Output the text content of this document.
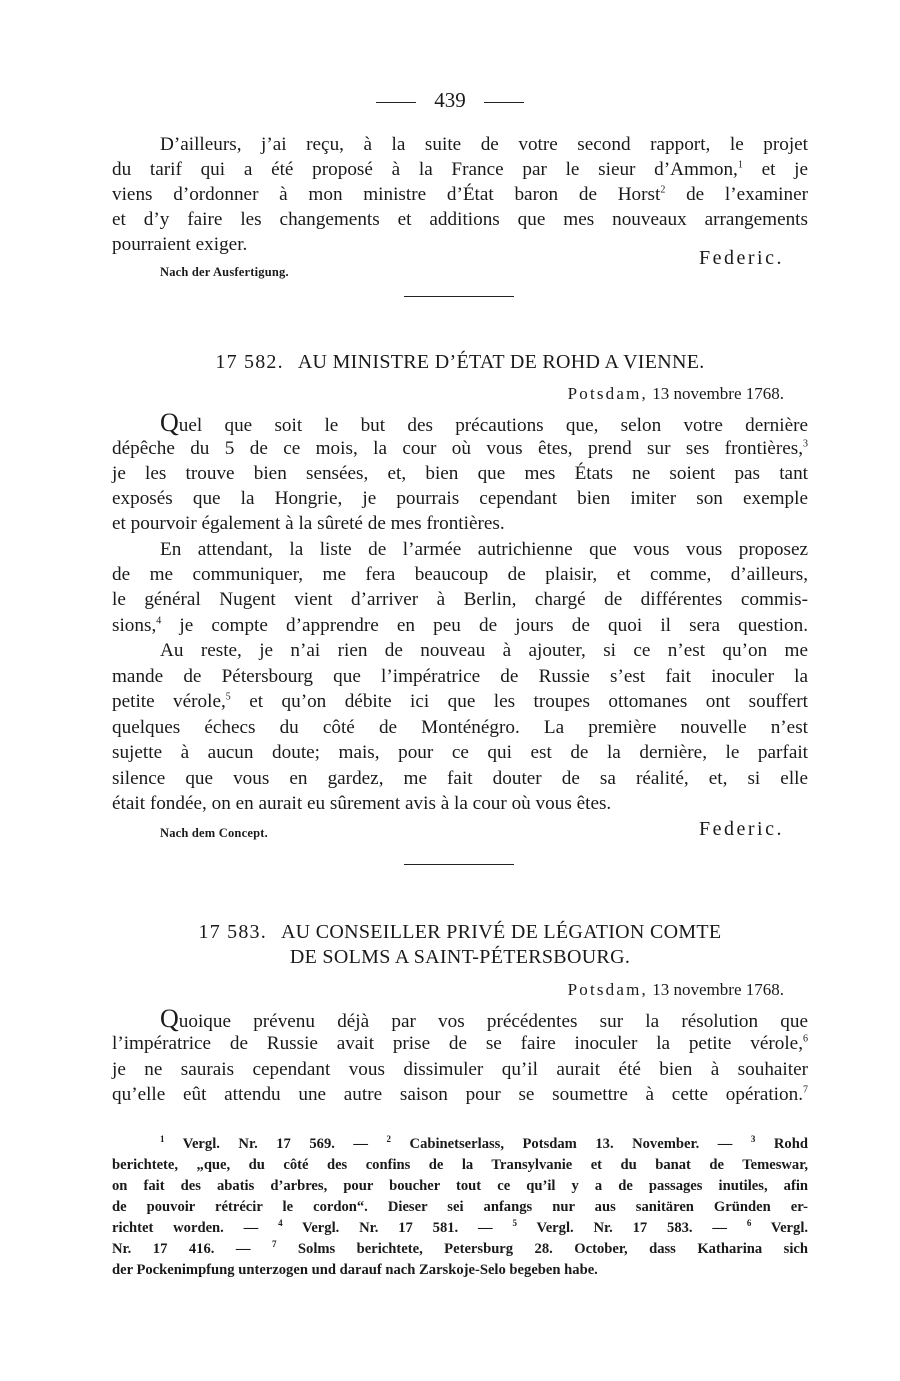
439

D’ailleurs, j’ai reçu, à la suite de votre second rapport, le projet

du tarif qui a été proposé à la France par le sieur d’Ammon,$^1$ et je

viens d’ordonner à mon ministre d’État baron de Horst$^2$ de l’examiner

et d’y faire les changements et additions que mes nouveaux arrangements

pourraient exiger.

Federic.
Nach der Ausfertigung.
17 582. AU MINISTRE D’ÉTAT DE ROHD A VIENNE.
Potsdam, 13 novembre 1768.

Quel que soit le but des précautions que, selon votre dernière

dépêche du 5 de ce mois, la cour où vous êtes, prend sur ses frontières,$^3$

je les trouve bien sensées, et, bien que mes États ne soient pas tant

exposés que la Hongrie, je pourrais cependant bien imiter son exemple

et pourvoir également à la sûreté de mes frontières.

En attendant, la liste de l’armée autrichienne que vous vous proposez

de me communiquer, me fera beaucoup de plaisir, et comme, d’ailleurs,

le général Nugent vient d’arriver à Berlin, chargé de différentes commis-

sions,$^4$ je compte d’apprendre en peu de jours de quoi il sera question.

Au reste, je n’ai rien de nouveau à ajouter, si ce n’est qu’on me

mande de Pétersbourg que l’impératrice de Russie s’est fait inoculer la

petite vérole,$^5$ et qu’on débite ici que les troupes ottomanes ont souffert

quelques échecs du côté de Monténégro. La première nouvelle n’est

sujette à aucun doute; mais, pour ce qui est de la dernière, le parfait

silence que vous en gardez, me fait douter de sa réalité, et, si elle

était fondée, on en aurait eu sûrement avis à la cour où vous êtes.

Nach dem Concept.	Federic.
17 583. AU CONSEILLER PRIVÉ DE LÉGATION COMTE
DE SOLMS A SAINT-PÉTERSBOURG.
Potsdam, 13 novembre 1768.

Quoique prévenu déjà par vos précédentes sur la résolution que

l’impératrice de Russie avait prise de se faire inoculer la petite vérole,$^6$

je ne saurais cependant vous dissimuler qu’il aurait été bien à souhaiter

qu’elle eût attendu une autre saison pour se soumettre à cette opération.$^7$

$^1$ Vergl. Nr. 17 569. — $^2$ Cabinetserlass, Potsdam 13. November. — $^3$ Rohd

berichtete, „que, du côté des confins de la Transylvanie et du banat de Temeswar,

on fait des abatis d’arbres, pour boucher tout ce qu’il y a de passages inutiles, afin

de pouvoir rétrécir le cordon“. Dieser sei anfangs nur aus sanitären Gründen er-

richtet worden. — $^4$ Vergl. Nr. 17 581. — $^5$ Vergl. Nr. 17 583. — $^6$ Vergl.

Nr. 17 416. — $^7$ Solms berichtete, Petersburg 28. October, dass Katharina sich

der Pockenimpfung unterzogen und darauf nach Zarskoje-Selo begeben habe.
